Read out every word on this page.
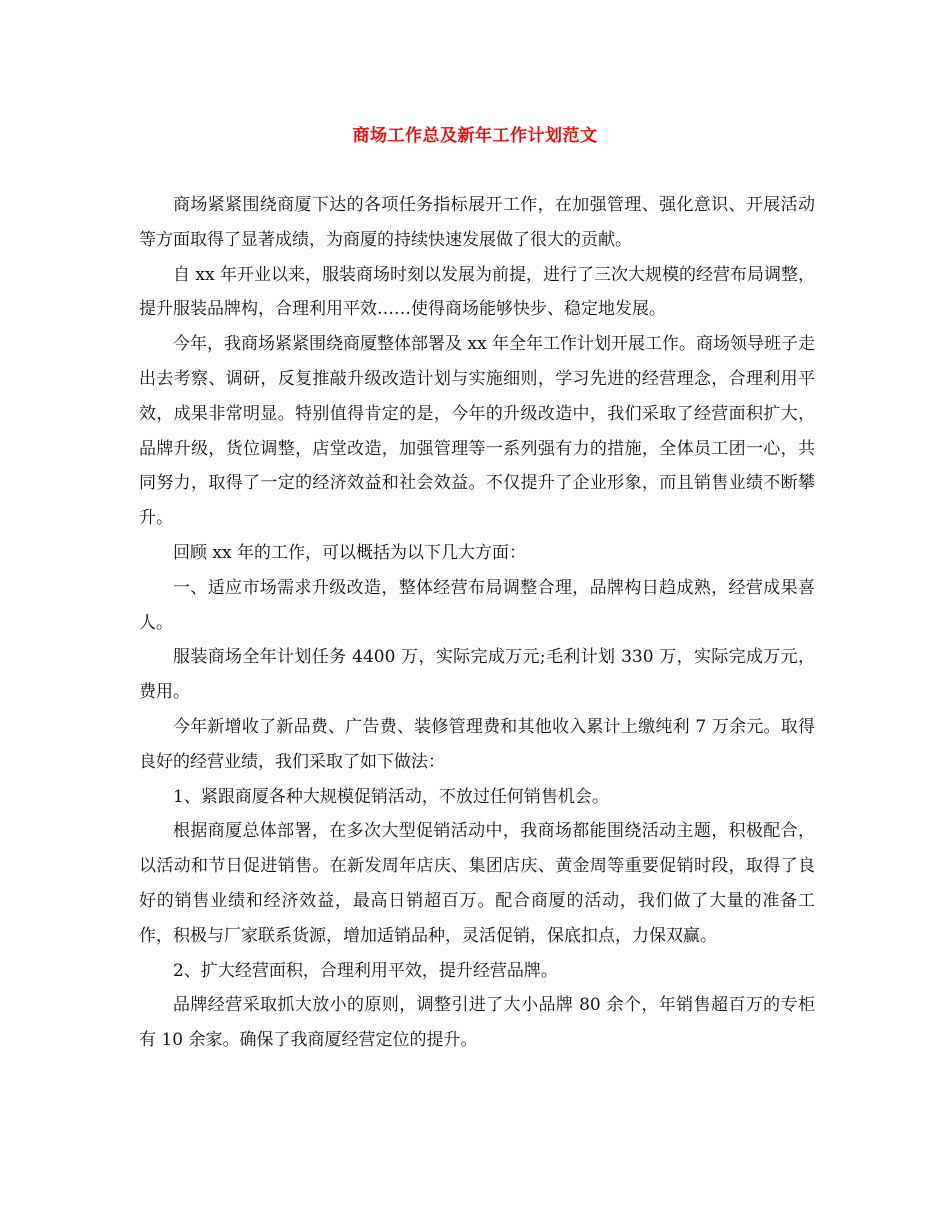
商场工作总及新年工作计划范文

商场紧紧围绕商厦下达的各项任务指标展开工作，在加强管理、强化意识、开展活动等方面取得了显著成绩，为商厦的持续快速发展做了很大的贡献。

自 xx 年开业以来，服装商场时刻以发展为前提，进行了三次大规模的经营布局调整，提升服装品牌构，合理利用平效……使得商场能够快步、稳定地发展。

今年，我商场紧紧围绕商厦整体部署及 xx 年全年工作计划开展工作。商场领导班子走出去考察、调研，反复推敲升级改造计划与实施细则，学习先进的经营理念，合理利用平效，成果非常明显。特别值得肯定的是，今年的升级改造中，我们采取了经营面积扩大，品牌升级，货位调整，店堂改造，加强管理等一系列强有力的措施，全体员工团一心，共同努力，取得了一定的经济效益和社会效益。不仅提升了企业形象，而且销售业绩不断攀升。

回顾 xx 年的工作，可以概括为以下几大方面：

一、适应市场需求升级改造，整体经营布局调整合理，品牌构日趋成熟，经营成果喜人。

服装商场全年计划任务 4400 万，实际完成万元;毛利计划 330 万，实际完成万元，费用。

今年新增收了新品费、广告费、装修管理费和其他收入累计上缴纯利 7 万余元。取得良好的经营业绩，我们采取了如下做法：

1、紧跟商厦各种大规模促销活动，不放过任何销售机会。

根据商厦总体部署，在多次大型促销活动中，我商场都能围绕活动主题，积极配合，以活动和节日促进销售。在新发周年店庆、集团店庆、黄金周等重要促销时段，取得了良好的销售业绩和经济效益，最高日销超百万。配合商厦的活动，我们做了大量的准备工作，积极与厂家联系货源，增加适销品种，灵活促销，保底扣点，力保双赢。

2、扩大经营面积，合理利用平效，提升经营品牌。

品牌经营采取抓大放小的原则，调整引进了大小品牌 80 余个，年销售超百万的专柜有 10 余家。确保了我商厦经营定位的提升。
